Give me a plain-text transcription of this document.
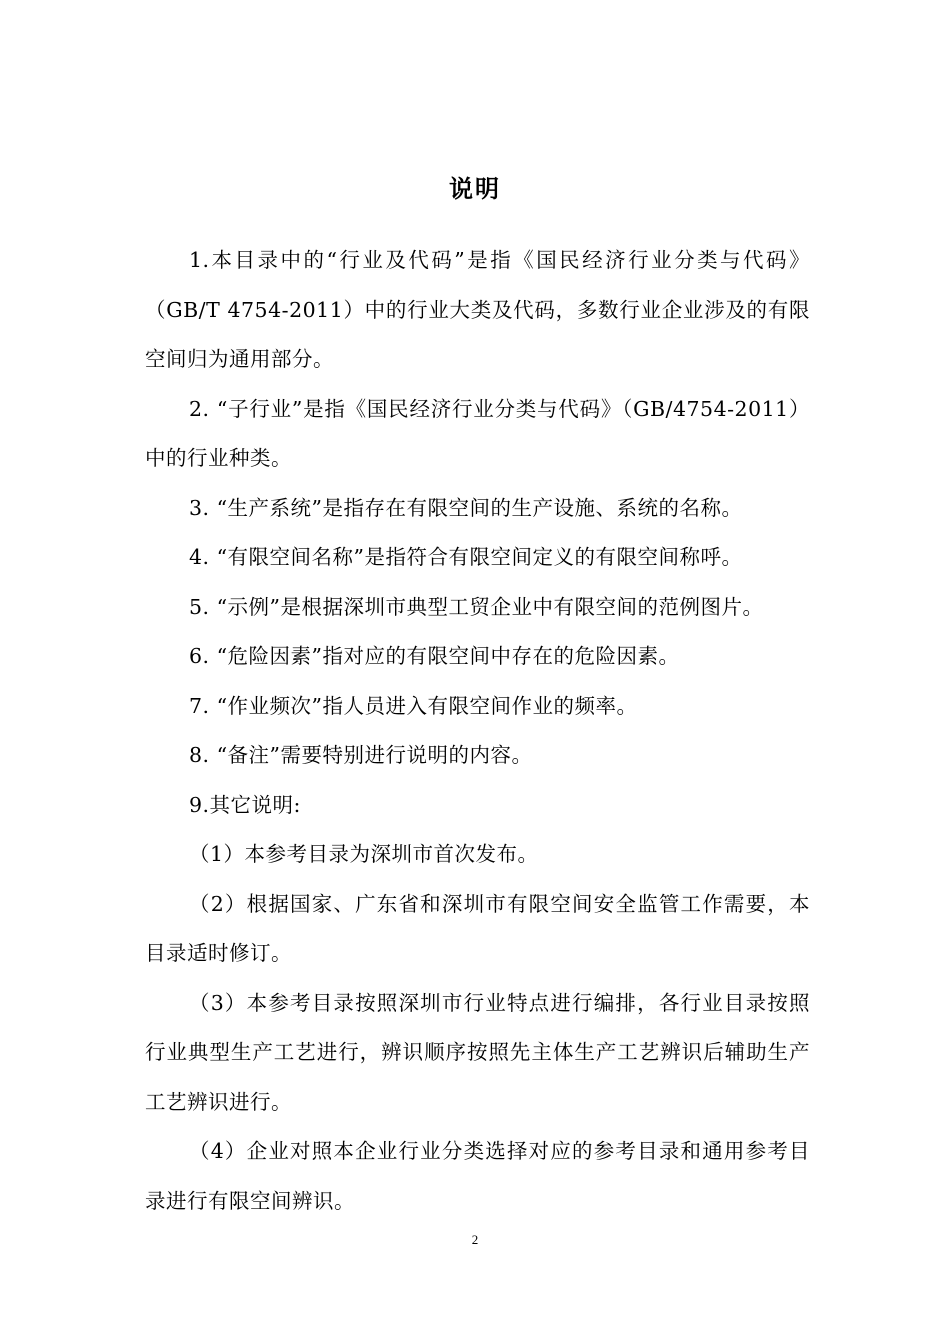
说明

1.本目录中的“行业及代码”是指《国民经济行业分类与代码》（GB/T 4754-2011）中的行业大类及代码，多数行业企业涉及的有限空间归为通用部分。

2. “子行业”是指《国民经济行业分类与代码》（GB/4754-2011）中的行业种类。

3. “生产系统”是指存在有限空间的生产设施、系统的名称。

4. “有限空间名称”是指符合有限空间定义的有限空间称呼。

5. “示例”是根据深圳市典型工贸企业中有限空间的范例图片。

6. “危险因素”指对应的有限空间中存在的危险因素。

7. “作业频次”指人员进入有限空间作业的频率。

8. “备注”需要特别进行说明的内容。

9.其它说明:

（1）本参考目录为深圳市首次发布。

（2）根据国家、广东省和深圳市有限空间安全监管工作需要，本目录适时修订。

（3）本参考目录按照深圳市行业特点进行编排，各行业目录按照行业典型生产工艺进行，辨识顺序按照先主体生产工艺辨识后辅助生产工艺辨识进行。

（4）企业对照本企业行业分类选择对应的参考目录和通用参考目录进行有限空间辨识。

2
